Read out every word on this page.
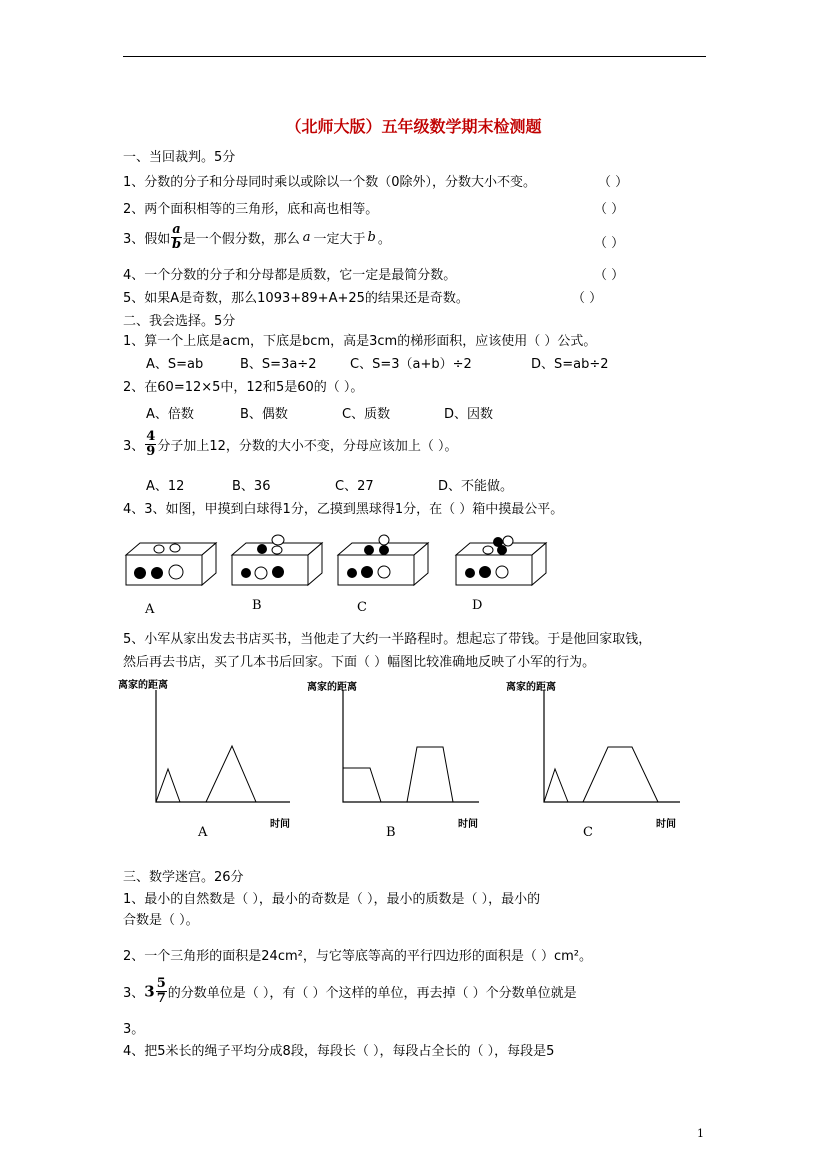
（北师大版）五年级数学期末检测题
一、当回裁判。5分
1、分数的分子和分母同时乘以或除以一个数（0除外），分数大小不变。	（ ）
2、两个面积相等的三角形，底和高也相等。	（ ）
3、假如 $\frac{a}{b}$ 是一个假分数，那么 a 一定大于 b 。	（ ）
4、一个分数的分子和分母都是质数，它一定是最简分数。	（ ）
5、如果A是奇数，那么1093+89+A+25的结果还是奇数。	（ ）
二、我会选择。5分
1、算一个上底是acm，下底是bcm，高是3cm的梯形面积，应该使用（ ）公式。
A、S=ab	B、S=3a÷2	C、S=3（a+b）÷2	D、S=ab÷2
2、在60=12×5中，12和5是60的（ ）。
A、倍数	B、偶数	C、质数	D、因数
3、 $\frac{4}{9}$ 分子加上12，分数的大小不变，分母应该加上（ ）。
A、12	B、36	C、27	D、不能做。
4、3、如图，甲摸到白球得1分，乙摸到黑球得1分，在（ ）箱中摸最公平。
A	B	C	D
5、小军从家出发去书店买书，当他走了大约一半路程时。想起忘了带钱。于是他回家取钱，
然后再去书店，买了几本书后回家。下面（ ）幅图比较准确地反映了小军的行为。
离家的距离	离家的距离	离家的距离
时间	时间	时间
A	B	C
三、数学迷宫。26分
1、最小的自然数是（ ），最小的奇数是（ ），最小的质数是（ ），最小的
合数是（ ）。
2、一个三角形的面积是24cm²，与它等底等高的平行四边形的面积是（ ）cm²。
3、$3 \frac{5}{7}$ 的分数单位是（ ），有（ ）个这样的单位，再去掉（ ）个分数单位就是
3。
4、把5米长的绳子平均分成8段，每段长（ ），每段占全长的（ ），每段是5
1
